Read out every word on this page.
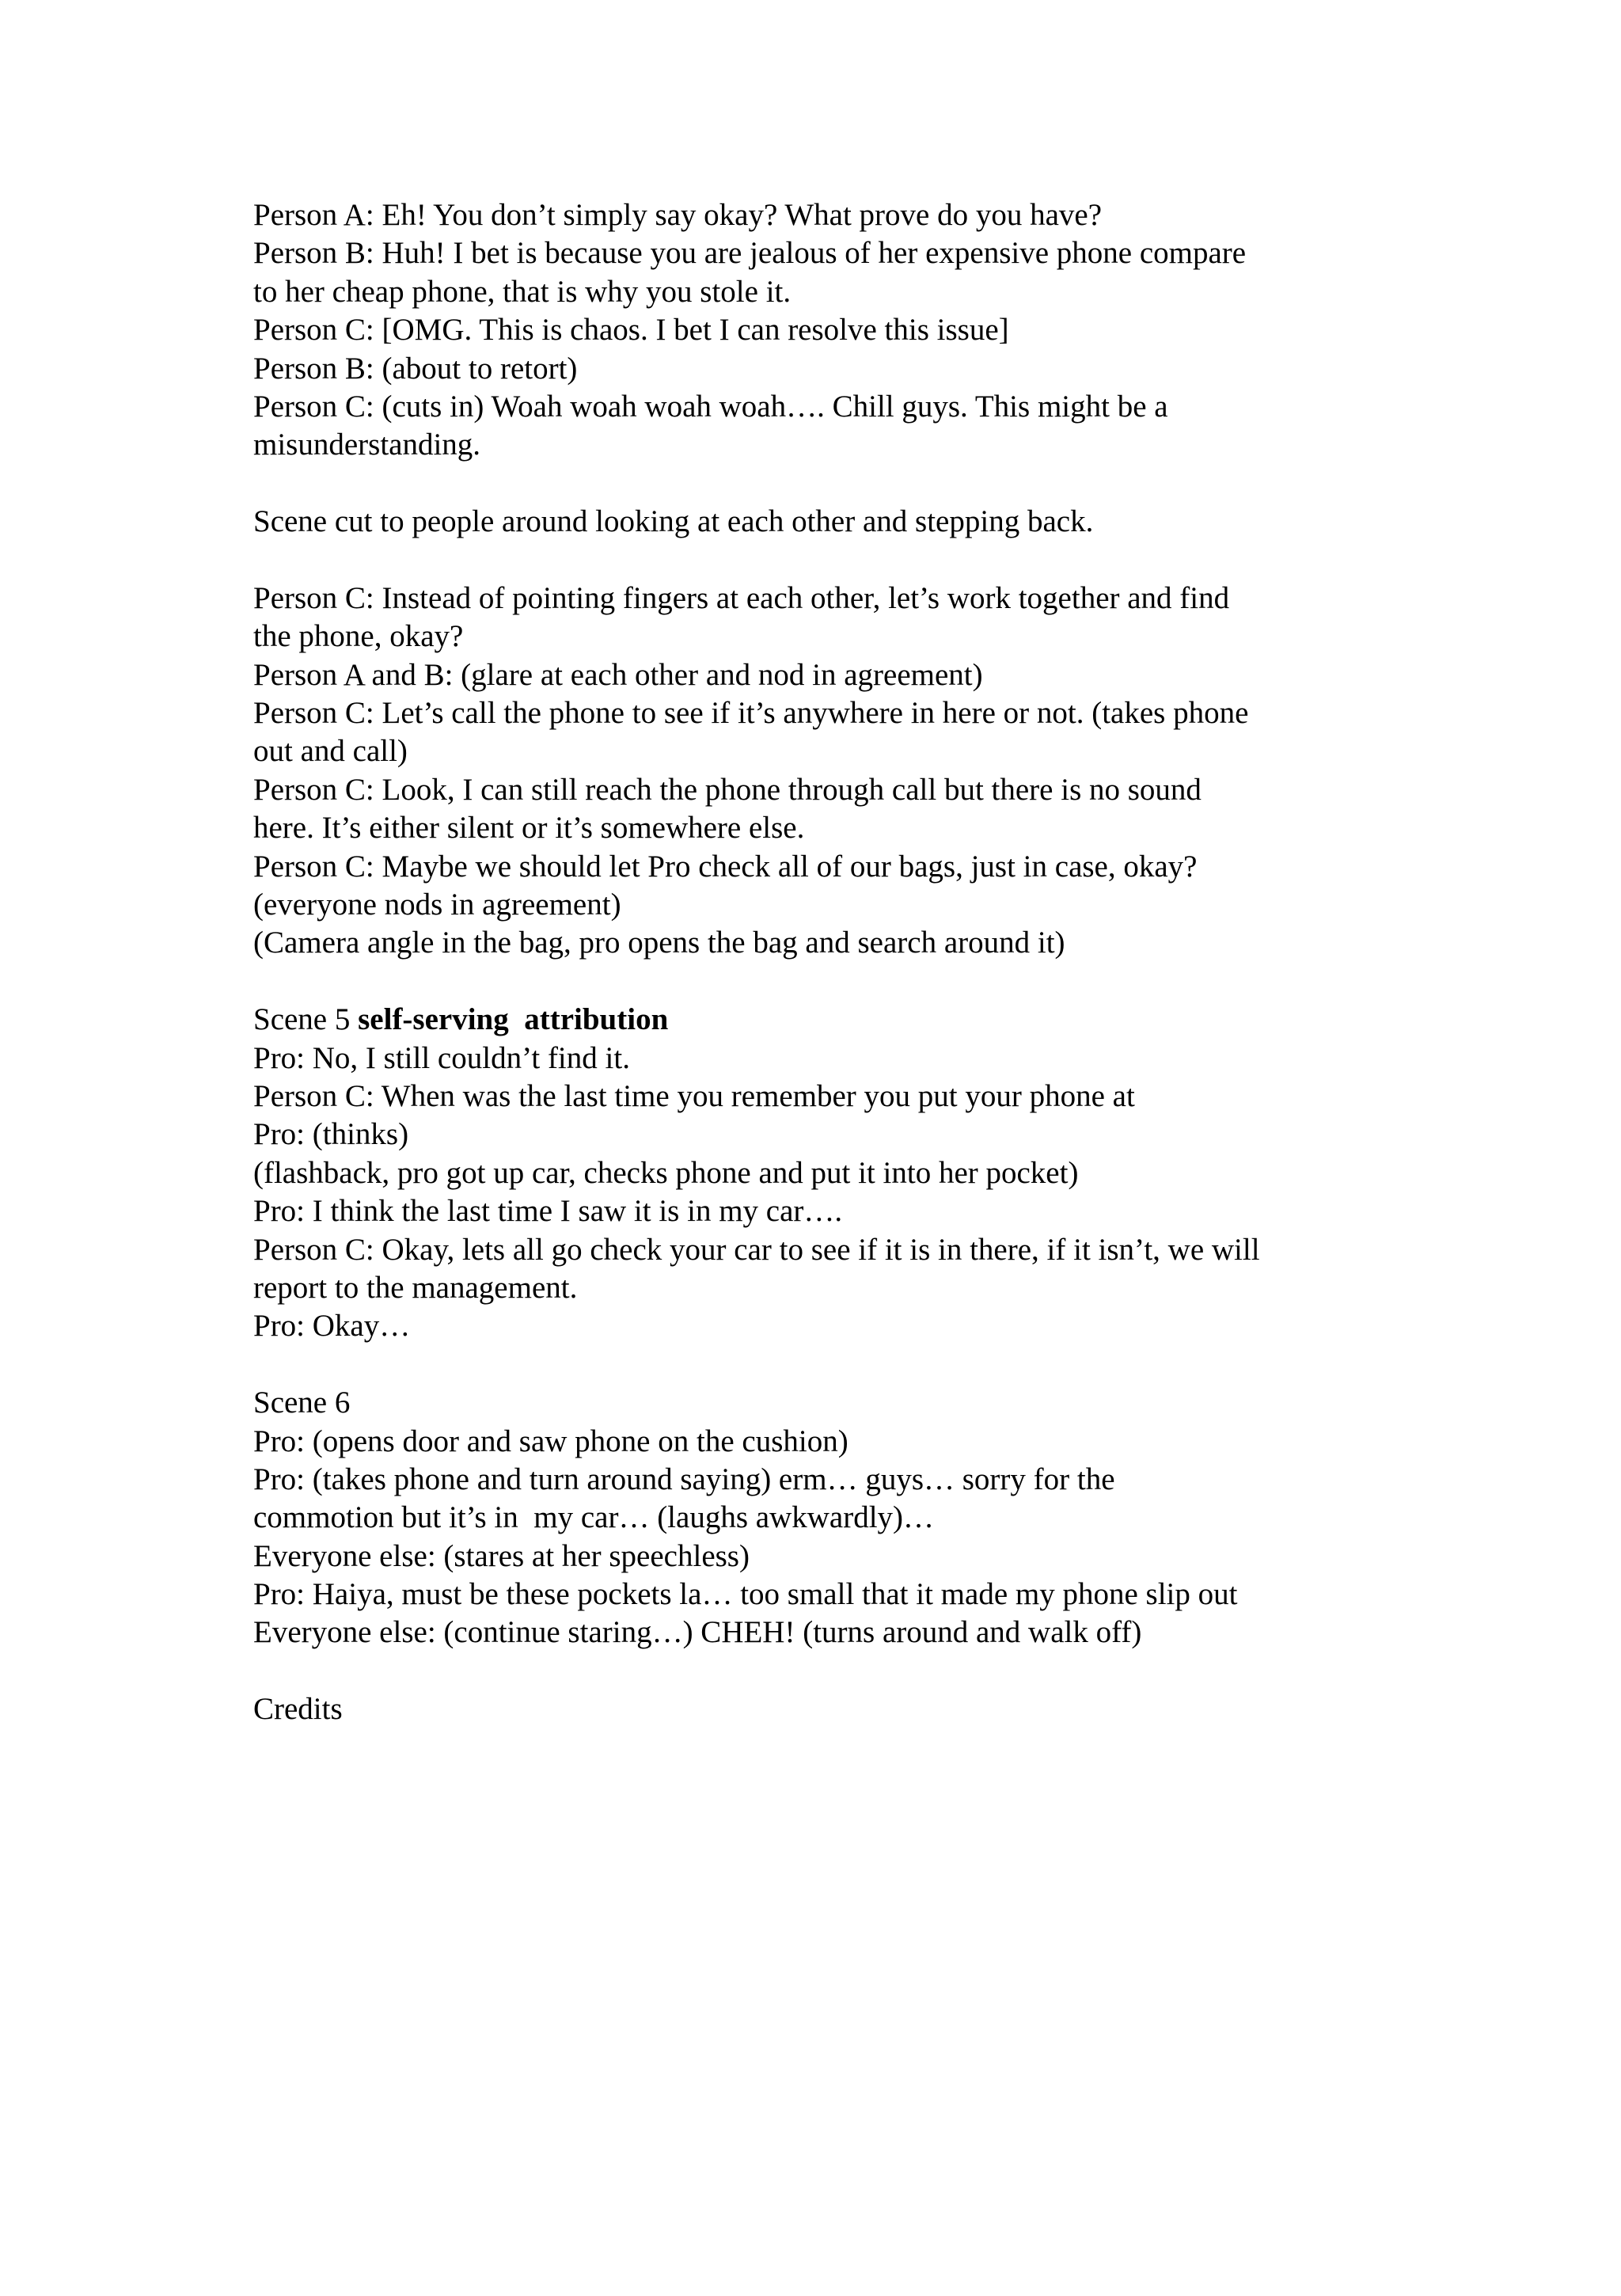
Person A: Eh! You don’t simply say okay? What prove do you have?
Person B: Huh! I bet is because you are jealous of her expensive phone compare
to her cheap phone, that is why you stole it.
Person C: [OMG. This is chaos. I bet I can resolve this issue]
Person B: (about to retort)
Person C: (cuts in) Woah woah woah woah…. Chill guys. This might be a
misunderstanding.
Scene cut to people around looking at each other and stepping back.
Person C: Instead of pointing fingers at each other, let’s work together and find
the phone, okay?
Person A and B: (glare at each other and nod in agreement)
Person C: Let’s call the phone to see if it’s anywhere in here or not. (takes phone
out and call)
Person C: Look, I can still reach the phone through call but there is no sound
here. It’s either silent or it’s somewhere else.
Person C: Maybe we should let Pro check all of our bags, just in case, okay?
(everyone nods in agreement)
(Camera angle in the bag, pro opens the bag and search around it)
Scene 5 self-serving  attribution
Pro: No, I still couldn’t find it.
Person C: When was the last time you remember you put your phone at
Pro: (thinks)
(flashback, pro got up car, checks phone and put it into her pocket)
Pro: I think the last time I saw it is in my car….
Person C: Okay, lets all go check your car to see if it is in there, if it isn’t, we will
report to the management.
Pro: Okay…
Scene 6
Pro: (opens door and saw phone on the cushion)
Pro: (takes phone and turn around saying) erm… guys… sorry for the
commotion but it’s in  my car… (laughs awkwardly)…
Everyone else: (stares at her speechless)
Pro: Haiya, must be these pockets la… too small that it made my phone slip out
Everyone else: (continue staring…) CHEH! (turns around and walk off)
Credits
